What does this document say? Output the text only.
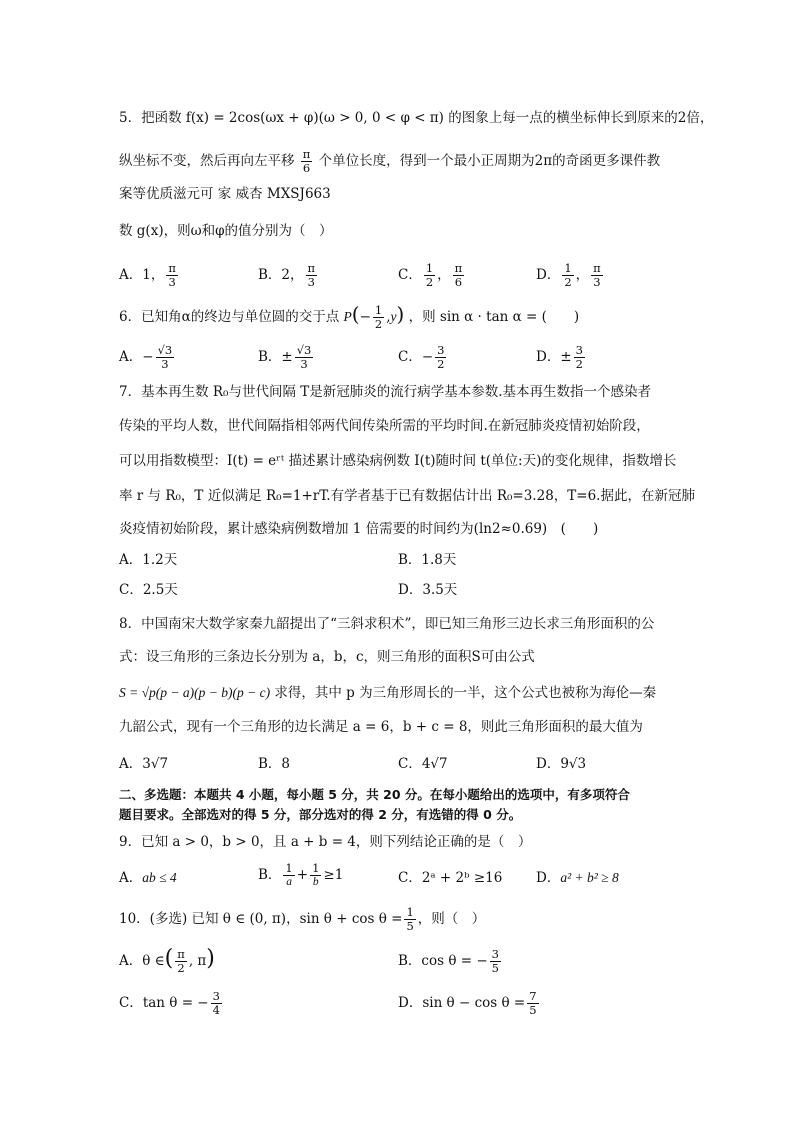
5．把函数 f(x) = 2cos(ωx + φ)(ω > 0, 0 < φ < π) 的图象上每一点的横坐标伸长到原来的2倍，
纵坐标不变，然后再向左平移 $\frac{\pi}{6}$ 个单位长度，得到一个最小正周期为2π的奇函更多课件教
案等优质滋元可 家 威杏 MXSJ663
数 g(x)，则ω和φ的值分别为（　）
A．1， $\frac{\pi}{3}$	B．2， $\frac{\pi}{3}$	C． $\frac{1}{2}$ ， $\frac{\pi}{6}$	D． $\frac{1}{2}$ ， $\frac{\pi}{3}$
6．已知角α的终边与单位圆的交于点 $P(- \frac{1}{2} ,y)$ ，则 sin α · tan α = (　　)
A．− $\frac{√3}{3}$	B．± $\frac{√3}{3}$	C．− $\frac{3}{2}$	D．± $\frac{3}{2}$
7．基本再生数 R₀与世代间隔 T是新冠肺炎的流行病学基本参数.基本再生数指一个感染者
传染的平均人数，世代间隔指相邻两代间传染所需的平均时间.在新冠肺炎疫情初始阶段，
可以用指数模型：I(t) = eʳᵗ 描述累计感染病例数 I(t)随时间 t(单位:天)的变化规律，指数增长
率 r 与 R₀，T 近似满足 R₀=1+rT.有学者基于已有数据估计出 R₀=3.28，T=6.据此，在新冠肺
炎疫情初始阶段，累计感染病例数增加 1 倍需要的时间约为(ln2≈0.69)　(　　)
A．1.2天	B．1.8天
C．2.5天	D．3.5天
8．中国南宋大数学家秦九韶提出了“三斜求积术”，即已知三角形三边长求三角形面积的公
式：设三角形的三条边长分别为 a，b，c，则三角形的面积S可由公式
S = √p(p − a)(p − b)(p − c) 求得，其中 p 为三角形周长的一半，这个公式也被称为海伦—秦
九韶公式，现有一个三角形的边长满足 a = 6，b + c = 8，则此三角形面积的最大值为
A．3√7	B．8	C．4√7	D．9√3
二、多选题：本题共 4 小题，每小题 5 分，共 20 分。在每小题给出的选项中，有多项符合
题目要求。全部选对的得 5 分，部分选对的得 2 分，有选错的得 0 分。
9．已知 a > 0，b > 0，且 a + b = 4，则下列结论正确的是（　）
A．ab ≤ 4	B． $\frac{1}{a} + \frac{1}{b} \ge 1$	C．2ᵃ + 2ᵇ ≥16 D．a² + b² ≥ 8
10．(多选) 已知 θ ∈ (0, π)，$\sin \theta + \cos \theta = \frac{1}{5}$ ，则（　）
A．θ ∈( $\frac{\pi}{2}$ , π)	B．cos θ = − $\frac{3}{5}$
C．tan θ = − $\frac{3}{4}$	D．$\sin \theta - \cos \theta = \frac{7}{5}$
